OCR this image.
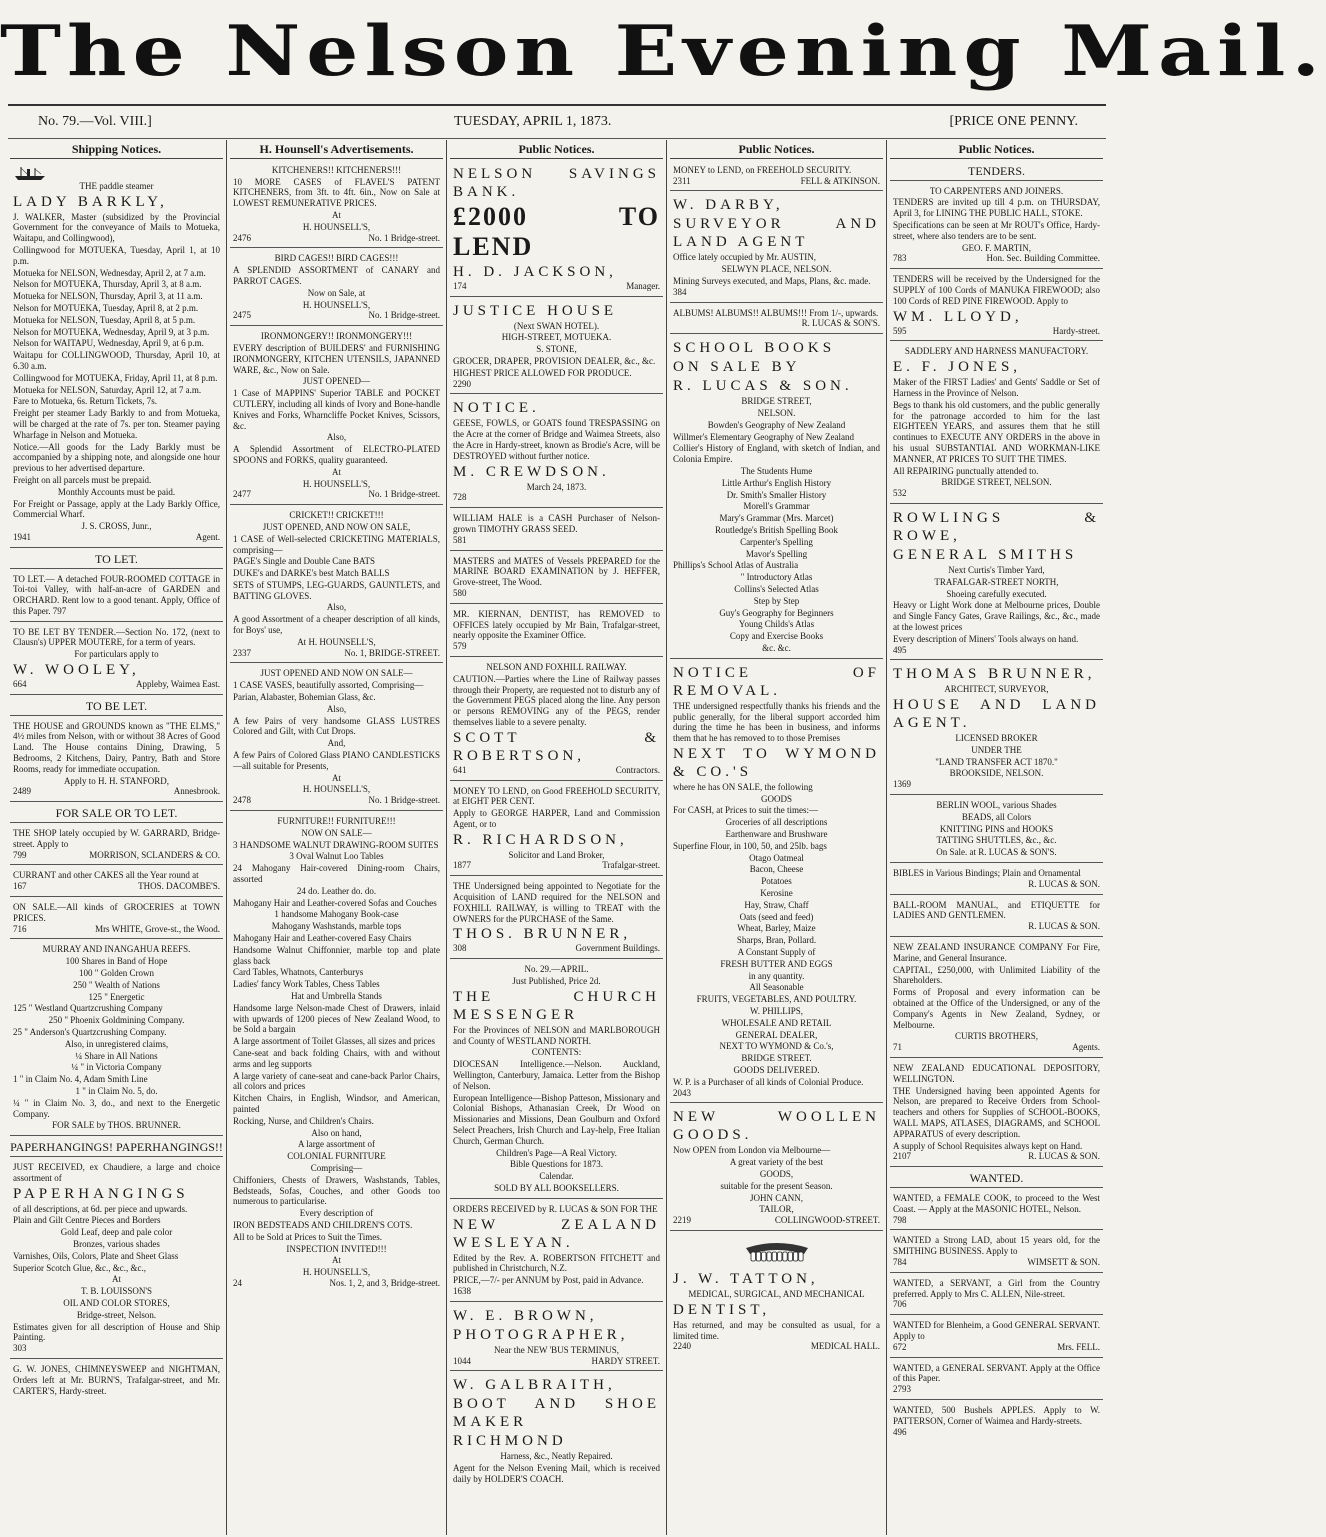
The Nelson Evening Mail.
No. 79.—Vol. VIII.]	TUESDAY, APRIL 1, 1873.	[PRICE ONE PENNY.
Shipping Notices.

THE paddle steamer

LADY BARKLY,

J. WALKER, Master (subsidized by the Provincial Government for the conveyance of Mails to Motueka, Waitapu, and Collingwood),

Collingwood for MOTUEKA, Tuesday, April 1, at 10 p.m.

Motueka for NELSON, Wednesday, April 2, at 7 a.m.

Nelson for MOTUEKA, Thursday, April 3, at 8 a.m.

Motueka for NELSON, Thursday, April 3, at 11 a.m.

Nelson for MOTUEKA, Tuesday, April 8, at 2 p.m.

Motueka for NELSON, Tuesday, April 8, at 5 p.m.

Nelson for MOTUEKA, Wednesday, April 9, at 3 p.m.

Nelson for WAITAPU, Wednesday, April 9, at 6 p.m.

Waitapu for COLLINGWOOD, Thursday, April 10, at 6.30 a.m.

Collingwood for MOTUEKA, Friday, April 11, at 8 p.m.

Motueka for NELSON, Saturday, April 12, at 7 a.m.

Fare to Motueka, 6s. Return Tickets, 7s.

Freight per steamer Lady Barkly to and from Motueka, will be charged at the rate of 7s. per ton. Steamer paying Wharfage in Nelson and Motueka.

Notice.—All goods for the Lady Barkly must be accompanied by a shipping note, and alongside one hour previous to her advertised departure.

Freight on all parcels must be prepaid.

Monthly Accounts must be paid.

For Freight or Passage, apply at the Lady Barkly Office, Commercial Wharf.

J. S. CROSS, Junr.,

1941	Agent.
TO LET.

TO LET.— A detached FOUR-ROOMED COTTAGE in Toi-toi Valley, with half-an-acre of GARDEN and ORCHARD. Rent low to a good tenant. Apply, Office of this Paper. 797

TO BE LET BY TENDER.—Section No. 172, (next to Clausn's) UPPER MOUTERE, for a term of years.

For particulars apply to

W. WOOLEY,

664	Appleby, Waimea East.
TO BE LET.

THE HOUSE and GROUNDS known as "THE ELMS," 4½ miles from Nelson, with or without 38 Acres of Good Land. The House contains Dining, Drawing, 5 Bedrooms, 2 Kitchens, Dairy, Pantry, Bath and Store Rooms, ready for immediate occupation.

Apply to H. H. STANFORD,

2489	Annesbrook.
FOR SALE OR TO LET.

THE SHOP lately occupied by W. GARRARD, Bridge-street. Apply to

799	MORRISON, SCLANDERS & CO.

CURRANT and other CAKES all the Year round at

167	THOS. DACOMBE'S.

ON SALE.—All kinds of GROCERIES at TOWN PRICES.

716	Mrs WHITE, Grove-st., the Wood.

MURRAY AND INANGAHUA REEFS.

100 Shares in Band of Hope

100 " Golden Crown

250 " Wealth of Nations

125 " Energetic

125 " Westland Quartzcrushing Company

250 " Phoenix Goldmining Company.

25 " Anderson's Quartzcrushing Company.

Also, in unregistered claims,

¼ Share in All Nations

¼ " in Victoria Company

1 " in Claim No. 4, Adam Smith Line

1 " in Claim No. 5, do.

¼ " in Claim No. 3, do., and next to the Energetic Company.

FOR SALE by THOS. BRUNNER.

PAPERHANGINGS! PAPERHANGINGS!!

JUST RECEIVED, ex Chaudiere, a large and choice assortment of

PAPERHANGINGS

of all descriptions, at 6d. per piece and upwards.

Plain and Gilt Centre Pieces and Borders

Gold Leaf, deep and pale color

Bronzes, various shades

Varnishes, Oils, Colors, Plate and Sheet Glass

Superior Scotch Glue, &c., &c., &c.,

At

T. B. LOUISSON'S

OIL AND COLOR STORES,

Bridge-street, Nelson.

Estimates given for all description of House and Ship Painting.

303

G. W. JONES, CHIMNEYSWEEP and NIGHTMAN, Orders left at Mr. BURN'S, Trafalgar-street, and Mr. CARTER'S, Hardy-street.

H. Hounsell's Advertisements.

KITCHENERS!! KITCHENERS!!!

10 MORE CASES of FLAVEL'S PATENT KITCHENERS, from 3ft. to 4ft. 6in., Now on Sale at LOWEST REMUNERATIVE PRICES.

At

H. HOUNSELL'S,

2476	No. 1 Bridge-street.

BIRD CAGES!! BIRD CAGES!!!

A SPLENDID ASSORTMENT of CANARY and PARROT CAGES.

Now on Sale, at

H. HOUNSELL'S,

2475	No. 1 Bridge-street.

IRONMONGERY!! IRONMONGERY!!!

EVERY description of BUILDERS' and FURNISHING IRONMONGERY, KITCHEN UTENSILS, JAPANNED WARE, &c., Now on Sale.

JUST OPENED—

1 Case of MAPPINS' Superior TABLE and POCKET CUTLERY, including all kinds of Ivory and Bone-handle Knives and Forks, Wharncliffe Pocket Knives, Scissors, &c.

Also,

A Splendid Assortment of ELECTRO-PLATED SPOONS and FORKS, quality guaranteed.

At

H. HOUNSELL'S,

2477	No. 1 Bridge-street.

CRICKET!! CRICKET!!!

JUST OPENED, AND NOW ON SALE,

1 CASE of Well-selected CRICKETING MATERIALS, comprising—

PAGE's Single and Double Cane BATS

DUKE's and DARKE's best Match BALLS

SETS of STUMPS, LEG-GUARDS, GAUNTLETS, and BATTING GLOVES.

Also,

A good Assortment of a cheaper description of all kinds, for Boys' use,

At H. HOUNSELL'S,

2337	No. 1, BRIDGE-STREET.

JUST OPENED AND NOW ON SALE—

1 CASE VASES, beautifully assorted, Comprising—

Parian, Alabaster, Bohemian Glass, &c.

Also,

A few Pairs of very handsome GLASS LUSTRES Colored and Gilt, with Cut Drops.

And,

A few Pairs of Colored Glass PIANO CANDLESTICKS—all suitable for Presents,

At

H. HOUNSELL'S,

2478	No. 1 Bridge-street.

FURNITURE!! FURNITURE!!!

NOW ON SALE—

3 HANDSOME WALNUT DRAWING-ROOM SUITES

3 Oval Walnut Loo Tables

24 Mahogany Hair-covered Dining-room Chairs, assorted

24 do. Leather do. do.

Mahogany Hair and Leather-covered Sofas and Couches

1 handsome Mahogany Book-case

Mahogany Washstands, marble tops

Mahogany Hair and Leather-covered Easy Chairs

Handsome Walnut Chiffonnier, marble top and plate glass back

Card Tables, Whatnots, Canterburys

Ladies' fancy Work Tables, Chess Tables

Hat and Umbrella Stands

Handsome large Nelson-made Chest of Drawers, inlaid with upwards of 1200 pieces of New Zealand Wood, to be Sold a bargain

A large assortment of Toilet Glasses, all sizes and prices

Cane-seat and back folding Chairs, with and without arms and leg supports

A large variety of cane-seat and cane-back Parlor Chairs, all colors and prices

Kitchen Chairs, in English, Windsor, and American, painted

Rocking, Nurse, and Children's Chairs.

Also on hand,

A large assortment of

COLONIAL FURNITURE

Comprising—

Chiffoniers, Chests of Drawers, Washstands, Tables, Bedsteads, Sofas, Couches, and other Goods too numerous to particularise.

Every description of

IRON BEDSTEADS AND CHILDREN'S COTS.

All to be Sold at Prices to Suit the Times.

INSPECTION INVITED!!!

At

H. HOUNSELL'S,

24	Nos. 1, 2, and 3, Bridge-street.
Public Notices.

NELSON SAVINGS BANK.

£2000 TO LEND

H. D. JACKSON,

174	Manager.

JUSTICE HOUSE

(Next SWAN HOTEL).

HIGH-STREET, MOTUEKA.

S. STONE,

GROCER, DRAPER, PROVISION DEALER, &c., &c.

HIGHEST PRICE ALLOWED FOR PRODUCE.

2290

NOTICE.

GEESE, FOWLS, or GOATS found TRESPASSING on the Acre at the corner of Bridge and Waimea Streets, also the Acre in Hardy-street, known as Brodie's Acre, will be DESTROYED without further notice.

M. CREWDSON.

March 24, 1873.

728

WILLIAM HALE is a CASH Purchaser of Nelson-grown TIMOTHY GRASS SEED.

581

MASTERS and MATES of Vessels PREPARED for the MARINE BOARD EXAMINATION by J. HEFFER, Grove-street, The Wood.

580

MR. KIERNAN, DENTIST, has REMOVED to OFFICES lately occupied by Mr Bain, Trafalgar-street, nearly opposite the Examiner Office.

579

NELSON AND FOXHILL RAILWAY.

CAUTION.—Parties where the Line of Railway passes through their Property, are requested not to disturb any of the Government PEGS placed along the line. Any person or persons REMOVING any of the PEGS, render themselves liable to a severe penalty.

SCOTT & ROBERTSON,

641	Contractors.

MONEY TO LEND, on Good FREEHOLD SECURITY, at EIGHT PER CENT.

Apply to GEORGE HARPER, Land and Commission Agent, or to

R. RICHARDSON,

Solicitor and Land Broker,

1877	Trafalgar-street.

THE Undersigned being appointed to Negotiate for the Acquisition of LAND required for the NELSON and FOXHILL RAILWAY, is willing to TREAT with the OWNERS for the PURCHASE of the Same.

THOS. BRUNNER,

308	Government Buildings.

No. 29.—APRIL.

Just Published, Price 2d.

THE CHURCH MESSENGER

For the Provinces of NELSON and MARLBOROUGH and County of WESTLAND NORTH.

CONTENTS:

DIOCESAN Intelligence.—Nelson. Auckland, Wellington, Canterbury, Jamaica. Letter from the Bishop of Nelson.

European Intelligence—Bishop Patteson, Missionary and Colonial Bishops, Athanasian Creek, Dr Wood on Missionaries and Missions, Dean Goulburn and Oxford Select Preachers, Irish Church and Lay-help, Free Italian Church, German Church.

Children's Page—A Real Victory.

Bible Questions for 1873.

Calendar.

SOLD BY ALL BOOKSELLERS.

ORDERS RECEIVED by R. LUCAS & SON FOR THE

NEW ZEALAND WESLEYAN.

Edited by the Rev. A. ROBERTSON FITCHETT and published in Christchurch, N.Z.

PRICE,—7/- per ANNUM by Post, paid in Advance.

1638

W. E. BROWN,

PHOTOGRAPHER,

Near the NEW 'BUS TERMINUS,

1044	HARDY STREET.

W. GALBRAITH,

BOOT AND SHOE MAKER

RICHMOND

Harness, &c., Neatly Repaired.

Agent for the Nelson Evening Mail, which is received daily by HOLDER'S COACH.

Public Notices.

MONEY to LEND, on FREEHOLD SECURITY.

2311	FELL & ATKINSON.

W. DARBY,

SURVEYOR AND LAND AGENT

Office lately occupied by Mr. AUSTIN,

SELWYN PLACE, NELSON.

Mining Surveys executed, and Maps, Plans, &c. made.

384

ALBUMS! ALBUMS!! ALBUMS!!! From 1/-, upwards.

R. LUCAS & SON'S.

SCHOOL BOOKS

ON SALE BY

R. LUCAS & SON.

BRIDGE STREET,

NELSON.

Bowden's Geography of New Zealand

Willmer's Elementary Geography of New Zealand

Collier's History of England, with sketch of Indian, and Colonia Empire.

The Students Hume

Little Arthur's English History

Dr. Smith's Smaller History

Morell's Grammar

Mary's Grammar (Mrs. Marcet)

Routledge's British Spelling Book

Carpenter's Spelling

Mavor's Spelling

Phillips's School Atlas of Australia

" Introductory Atlas

Collins's Selected Atlas

Step by Step

Guy's Geography for Beginners

Young Childs's Atlas

Copy and Exercise Books

&c. &c.

NOTICE OF REMOVAL.

THE undersigned respectfully thanks his friends and the public generally, for the liberal support accorded him during the time he has been in business, and informs them that he has removed to to those Premises

NEXT TO WYMOND & CO.'S

where he has ON SALE, the following

GOODS

For CASH, at Prices to suit the times:—

Groceries of all descriptions

Earthenware and Brushware

Superfine Flour, in 100, 50, and 25lb. bags

Otago Oatmeal

Bacon, Cheese

Potatoes

Kerosine

Hay, Straw, Chaff

Oats (seed and feed)

Wheat, Barley, Maize

Sharps, Bran, Pollard.

A Constant Supply of

FRESH BUTTER AND EGGS

in any quantity.

All Seasonable

FRUITS, VEGETABLES, AND POULTRY.

W. PHILLIPS,

WHOLESALE AND RETAIL

GENERAL DEALER,

NEXT TO WYMOND & Co.'s,

BRIDGE STREET.

GOODS DELIVERED.

W. P. is a Purchaser of all kinds of Colonial Produce.

2043

NEW WOOLLEN GOODS.

Now OPEN from London via Melbourne—

A great variety of the best

GOODS,

suitable for the present Season.

JOHN CANN,

TAILOR,

2219	COLLINGWOOD-STREET.

J. W. TATTON,

MEDICAL, SURGICAL, AND MECHANICAL

DENTIST,

Has returned, and may be consulted as usual, for a limited time.

2240	MEDICAL HALL.
Public Notices.
TENDERS.

TO CARPENTERS AND JOINERS.

TENDERS are invited up till 4 p.m. on THURSDAY, April 3, for LINING THE PUBLIC HALL, STOKE.

Specifications can be seen at Mr ROUT's Office, Hardy-street, where also tenders are to be sent.

GEO. F. MARTIN,

783	Hon. Sec. Building Committee.

TENDERS will be received by the Undersigned for the SUPPLY of 100 Cords of MANUKA FIREWOOD; also 100 Cords of RED PINE FIREWOOD. Apply to

WM. LLOYD,

595	Hardy-street.

SADDLERY AND HARNESS MANUFACTORY.

E. F. JONES,

Maker of the FIRST Ladies' and Gents' Saddle or Set of Harness in the Province of Nelson.

Begs to thank his old customers, and the public generally for the patronage accorded to him for the last EIGHTEEN YEARS, and assures them that he still continues to EXECUTE ANY ORDERS in the above in his usual SUBSTANTIAL AND WORKMAN-LIKE MANNER, AT PRICES TO SUIT THE TIMES.

All REPAIRING punctually attended to.

BRIDGE STREET, NELSON.

532

ROWLINGS & ROWE,

GENERAL SMITHS

Next Curtis's Timber Yard,

TRAFALGAR-STREET NORTH,

Shoeing carefully executed.

Heavy or Light Work done at Melbourne prices, Double and Single Fancy Gates, Grave Railings, &c., &c., made at the lowest prices

Every description of Miners' Tools always on hand.

495

THOMAS BRUNNER,

ARCHITECT, SURVEYOR,

HOUSE AND LAND AGENT.

LICENSED BROKER

UNDER THE

"LAND TRANSFER ACT 1870."

BROOKSIDE, NELSON.

1369

BERLIN WOOL, various Shades

BEADS, all Colors

KNITTING PINS and HOOKS

TATTING SHUTTLES, &c., &c.

On Sale. at R. LUCAS & SON'S.

BIBLES in Various Bindings; Plain and Ornamental

R. LUCAS & SON.

BALL-ROOM MANUAL, and ETIQUETTE for LADIES AND GENTLEMEN.

R. LUCAS & SON.

NEW ZEALAND INSURANCE COMPANY For Fire, Marine, and General Insurance.

CAPITAL, £250,000, with Unlimited Liability of the Shareholders.

Forms of Proposal and every information can be obtained at the Office of the Undersigned, or any of the Company's Agents in New Zealand, Sydney, or Melbourne.

CURTIS BROTHERS,

71	Agents.

NEW ZEALAND EDUCATIONAL DEPOSITORY, WELLINGTON.

THE Undersigned having been appointed Agents for Nelson, are prepared to Receive Orders from School-teachers and others for Supplies of SCHOOL-BOOKS, WALL MAPS, ATLASES, DIAGRAMS, and SCHOOL APPARATUS of every description.

A supply of School Requisites always kept on Hand.

2107	R. LUCAS & SON.
WANTED.

WANTED, a FEMALE COOK, to proceed to the West Coast. — Apply at the MASONIC HOTEL, Nelson.

798

WANTED a Strong LAD, about 15 years old, for the SMITHING BUSINESS. Apply to

784	WIMSETT & SON.

WANTED, a SERVANT, a Girl from the Country preferred. Apply to Mrs C. ALLEN, Nile-street.

706

WANTED for Blenheim, a Good GENERAL SERVANT. Apply to

672	Mrs. FELL.

WANTED, a GENERAL SERVANT. Apply at the Office of this Paper.

2793

WANTED, 500 Bushels APPLES. Apply to W. PATTERSON, Corner of Waimea and Hardy-streets.

496
